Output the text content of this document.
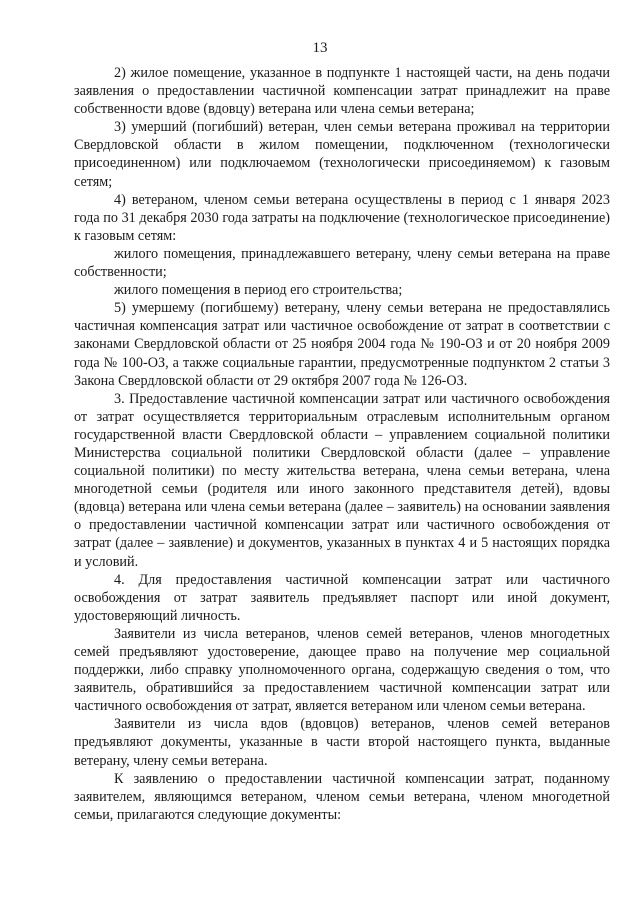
13

2) жилое помещение, указанное в подпункте 1 настоящей части, на день подачи заявления о предоставлении частичной компенсации затрат принадлежит на праве собственности вдове (вдовцу) ветерана или члена семьи ветерана;

3) умерший (погибший) ветеран, член семьи ветерана проживал на территории Свердловской области в жилом помещении, подключенном (технологически присоединенном) или подключаемом (технологически присоединяемом) к газовым сетям;

4) ветераном, членом семьи ветерана осуществлены в период с 1 января 2023 года по 31 декабря 2030 года затраты на подключение (технологическое присоединение) к газовым сетям:

жилого помещения, принадлежавшего ветерану, члену семьи ветерана на праве собственности;

жилого помещения в период его строительства;

5) умершему (погибшему) ветерану, члену семьи ветерана не предоставлялись частичная компенсация затрат или частичное освобождение от затрат в соответствии с законами Свердловской области от 25 ноября 2004 года № 190-ОЗ и от 20 ноября 2009 года № 100-ОЗ, а также социальные гарантии, предусмотренные подпунктом 2 статьи 3 Закона Свердловской области от 29 октября 2007 года № 126-ОЗ.

3. Предоставление частичной компенсации затрат или частичного освобождения от затрат осуществляется территориальным отраслевым исполнительным органом государственной власти Свердловской области – управлением социальной политики Министерства социальной политики Свердловской области (далее – управление социальной политики) по месту жительства ветерана, члена семьи ветерана, члена многодетной семьи (родителя или иного законного представителя детей), вдовы (вдовца) ветерана или члена семьи ветерана (далее – заявитель) на основании заявления о предоставлении частичной компенсации затрат или частичного освобождения от затрат (далее – заявление) и документов, указанных в пунктах 4 и 5 настоящих порядка и условий.

4. Для предоставления частичной компенсации затрат или частичного освобождения от затрат заявитель предъявляет паспорт или иной документ, удостоверяющий личность.

Заявители из числа ветеранов, членов семей ветеранов, членов многодетных семей предъявляют удостоверение, дающее право на получение мер социальной поддержки, либо справку уполномоченного органа, содержащую сведения о том, что заявитель, обратившийся за предоставлением частичной компенсации затрат или частичного освобождения от затрат, является ветераном или членом семьи ветерана.

Заявители из числа вдов (вдовцов) ветеранов, членов семей ветеранов предъявляют документы, указанные в части второй настоящего пункта, выданные ветерану, члену семьи ветерана.

К заявлению о предоставлении частичной компенсации затрат, поданному заявителем, являющимся ветераном, членом семьи ветерана, членом многодетной семьи, прилагаются следующие документы:
